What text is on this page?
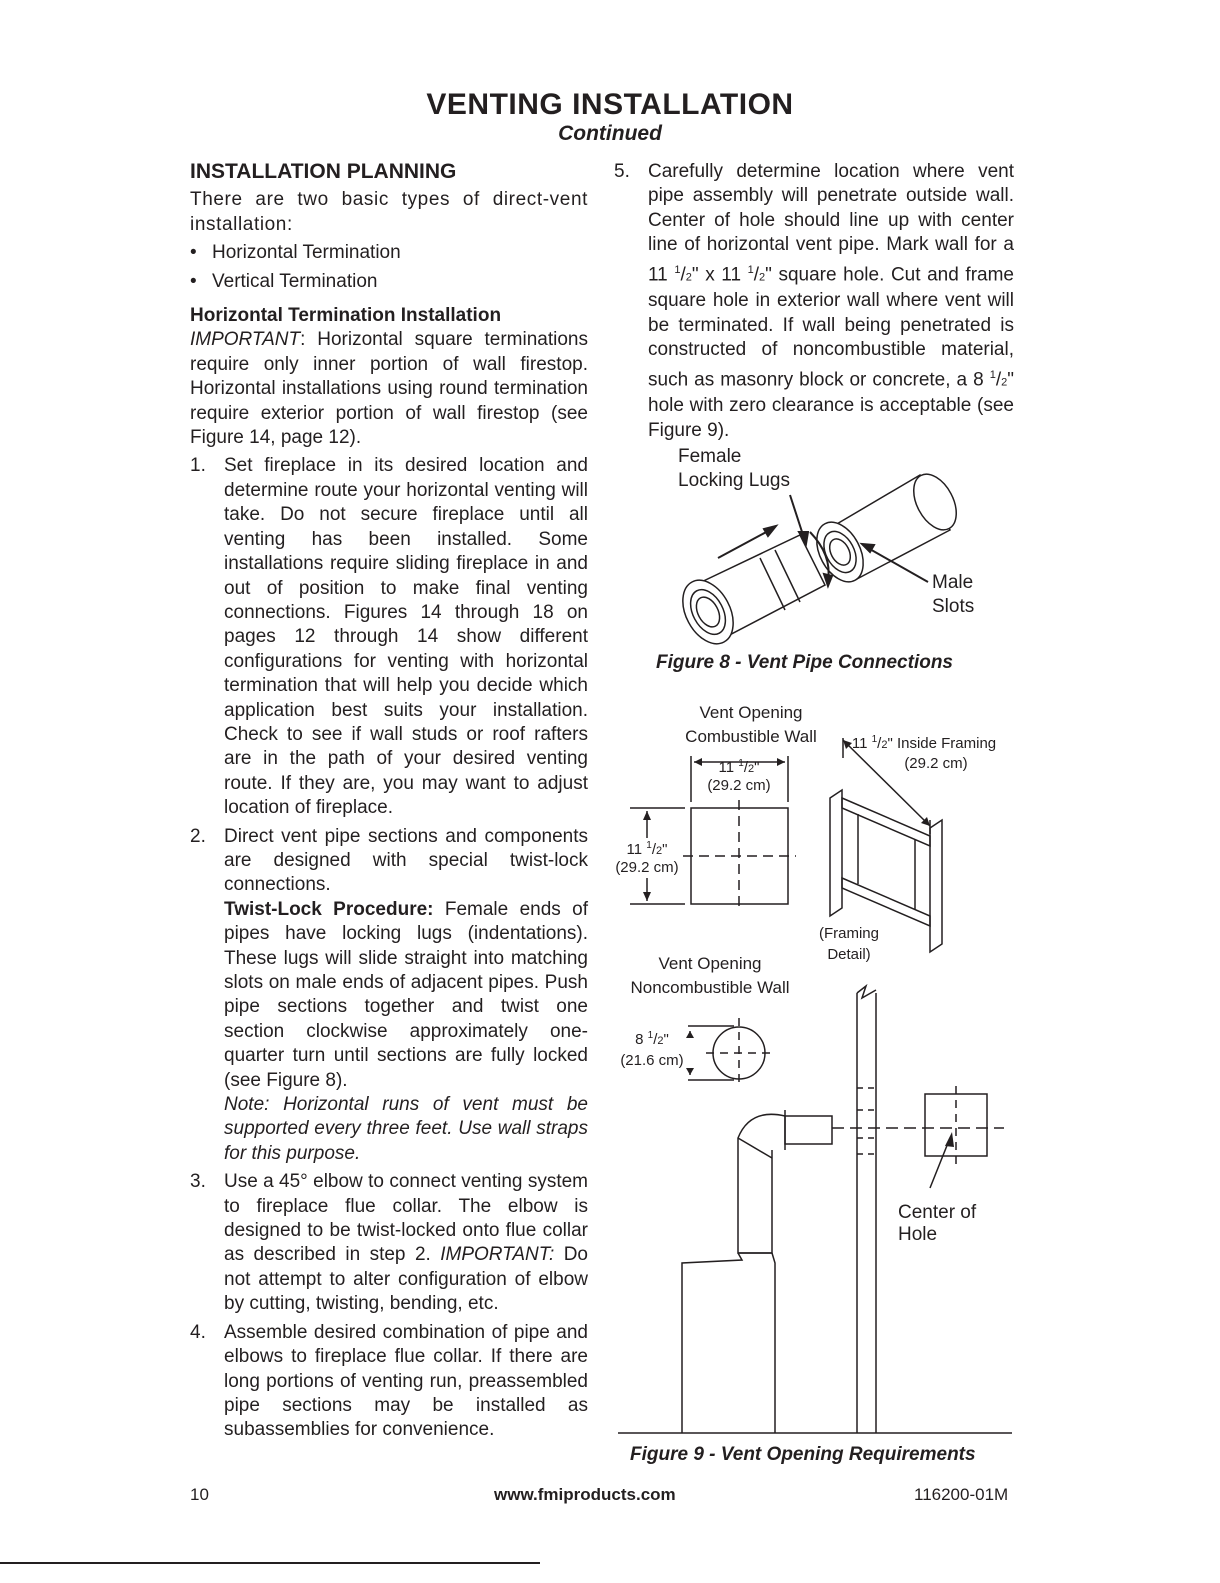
VENTING INSTALLATION
Continued
INSTALLATION PLANNING

There are two basic types of direct-vent installation:

• Horizontal Termination
• Vertical Termination
Horizontal Termination Installation

IMPORTANT: Horizontal square terminations require only inner portion of wall firestop. Horizontal installations using round termination require exterior portion of wall firestop (see Figure 14, page 12).

1. Set fireplace in its desired location and determine route your horizontal venting will take. Do not secure fireplace until all venting has been installed. Some installations require sliding fireplace in and out of position to make final venting connections. Figures 14 through 18 on pages 12 through 14 show different configurations for venting with horizontal termination that will help you decide which application best suits your installation. Check to see if wall studs or roof rafters are in the path of your desired venting route. If they are, you may want to adjust location of fireplace.
2. Direct vent pipe sections and components are designed with special twist-lock connections.

Twist-Lock Procedure: Female ends of pipes have locking lugs (indentations). These lugs will slide straight into matching slots on male ends of adjacent pipes. Push pipe sections together and twist one section clockwise approximately one-quarter turn until sections are fully locked (see Figure 8).

Note: Horizontal runs of vent must be supported every three feet. Use wall straps for this purpose.

3. Use a 45° elbow to connect venting system to fireplace flue collar. The elbow is designed to be twist-locked onto flue collar as described in step 2. IMPORTANT: Do not attempt to alter configuration of elbow by cutting, twisting, bending, etc.
4. Assemble desired combination of pipe and elbows to fireplace flue collar. If there are long portions of venting run, preassembled pipe sections may be installed as subassemblies for convenience.
5. Carefully determine location where vent pipe assembly will penetrate outside wall. Center of hole should line up with center line of horizontal vent pipe. Mark wall for a 11 $^1$/2" x 11 $^1$/2" square hole. Cut and frame square hole in exterior wall where vent will be terminated. If wall being penetrated is constructed of noncombustible material, such as masonry block or concrete, a 8 $^1$/2" hole with zero clearance is acceptable (see Figure 9).
Female
Locking Lugs
Male
Slots
Figure 8 - Vent Pipe Connections
Vent Opening
Combustible Wall
11 $^1$/2"
(29.2 cm)
11 $^1$/2"
(29.2 cm)
11 $^1$/2" Inside Framing
(29.2 cm)
(Framing
Detail)
Vent Opening
Noncombustible Wall
8 $^1$/2"
(21.6 cm)
Center of
Hole
Figure 9 - Vent Opening Requirements
10	www.fmiproducts.com	116200-01M
